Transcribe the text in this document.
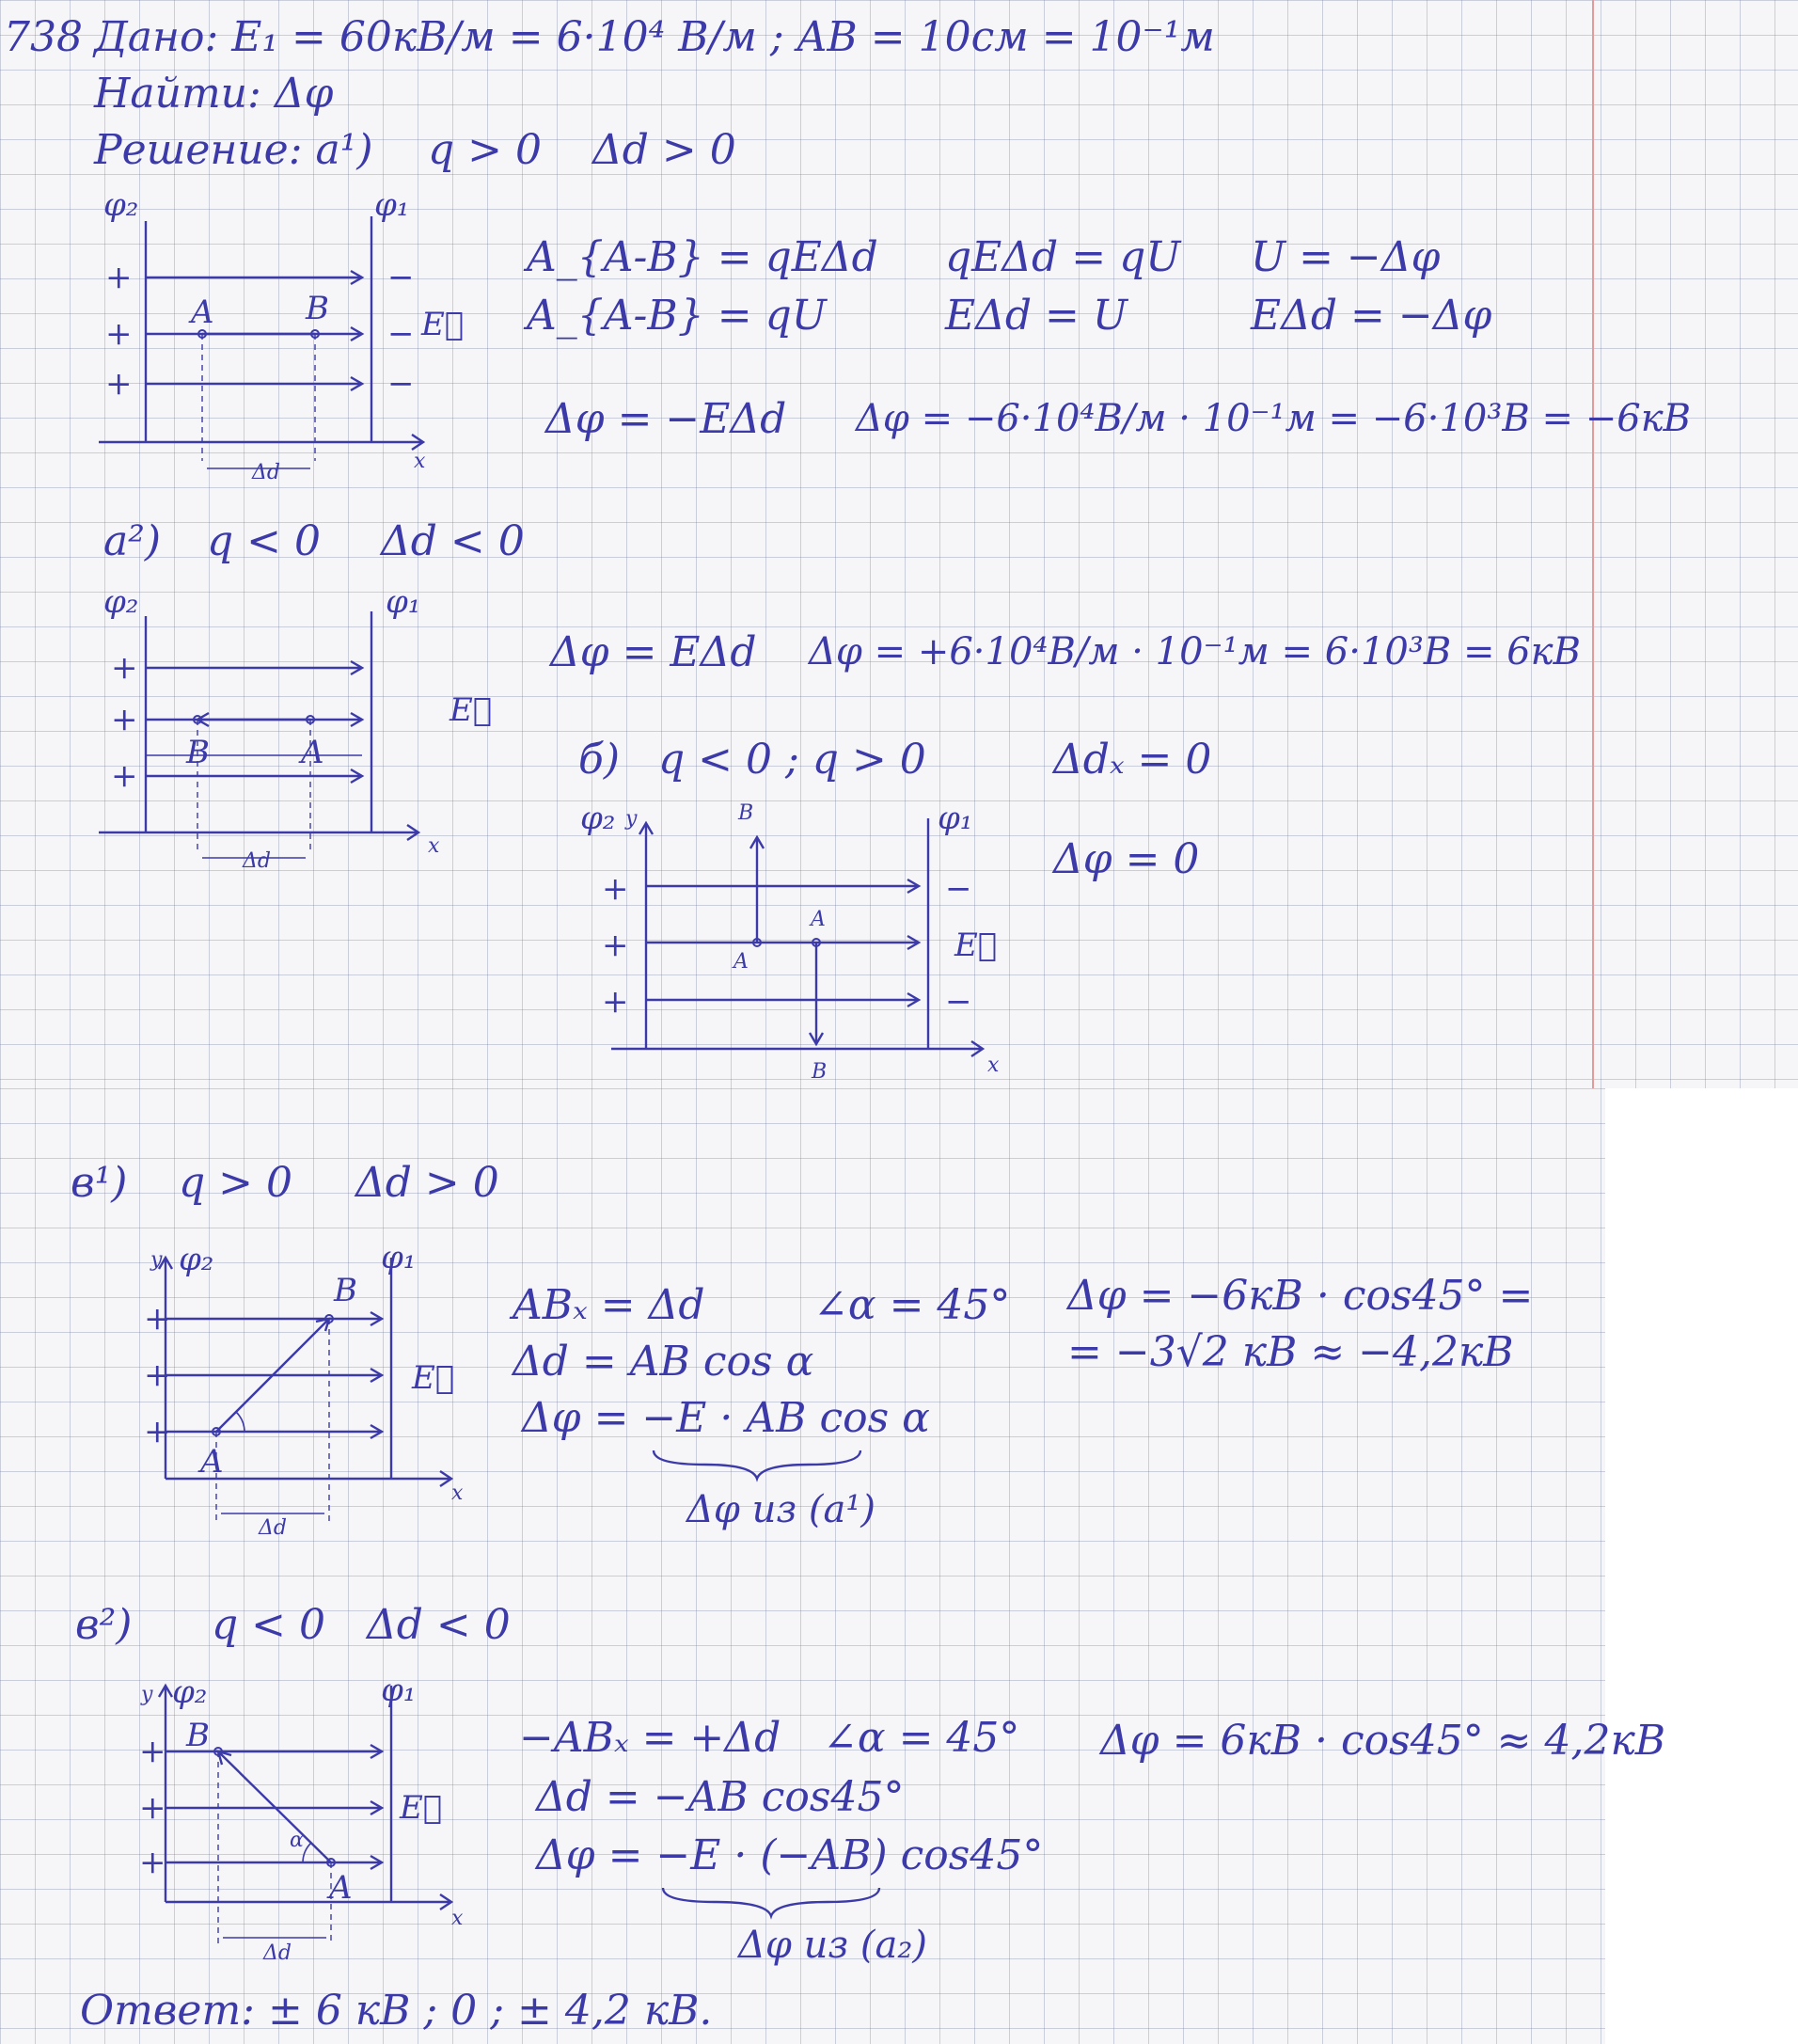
738 Дано: E₁ = 60кВ/м = 6·10⁴ В/м ; AB = 10см = 10⁻¹м
Найти: Δφ
Решение: а¹) q > 0 Δd > 0
φ₂	φ₁
+
+
+
−
−
−
E⃗
A	B
x
Δd
A_{A-B} = qEΔd
A_{A-B} = qU
qEΔd = qU
EΔd = U
U = −Δφ
EΔd = −Δφ
Δφ = −EΔd Δφ = −6·10⁴В/м · 10⁻¹м = −6·10³В = −6кВ
а²) q < 0 Δd < 0
φ₂	φ₁
+
+
+
E⃗
B	A
x
Δd
Δφ = EΔd Δφ = +6·10⁴В/м · 10⁻¹м = 6·10³В = 6кВ
б) q < 0 ; q > 0	Δdₓ = 0
Δφ = 0
φ₂ y	φ₁
+
+
+
−
−
E⃗
B
A
A
B	x
в¹) q > 0 Δd > 0
y φ₂	φ₁
+
+
+
E⃗
A
B
x
Δd
ABₓ = Δd	∠α = 45°
Δd = AB cos α
Δφ = −E · AB cos α
Δφ из (а¹)
Δφ = −6кВ · cos45° =
= −3√2 кВ ≈ −4,2кВ
в²) q < 0 Δd < 0
y φ₂	φ₁
B
+
+
+
E⃗
α
A
x
Δd
−ABₓ = +Δd ∠α = 45°
Δd = −AB cos45°
Δφ = −E · (−AB) cos45°
Δφ из (а₂)
Δφ = 6кВ · cos45° ≈ 4,2кВ
Ответ: ± 6 кВ ; 0 ; ± 4,2 кВ.
